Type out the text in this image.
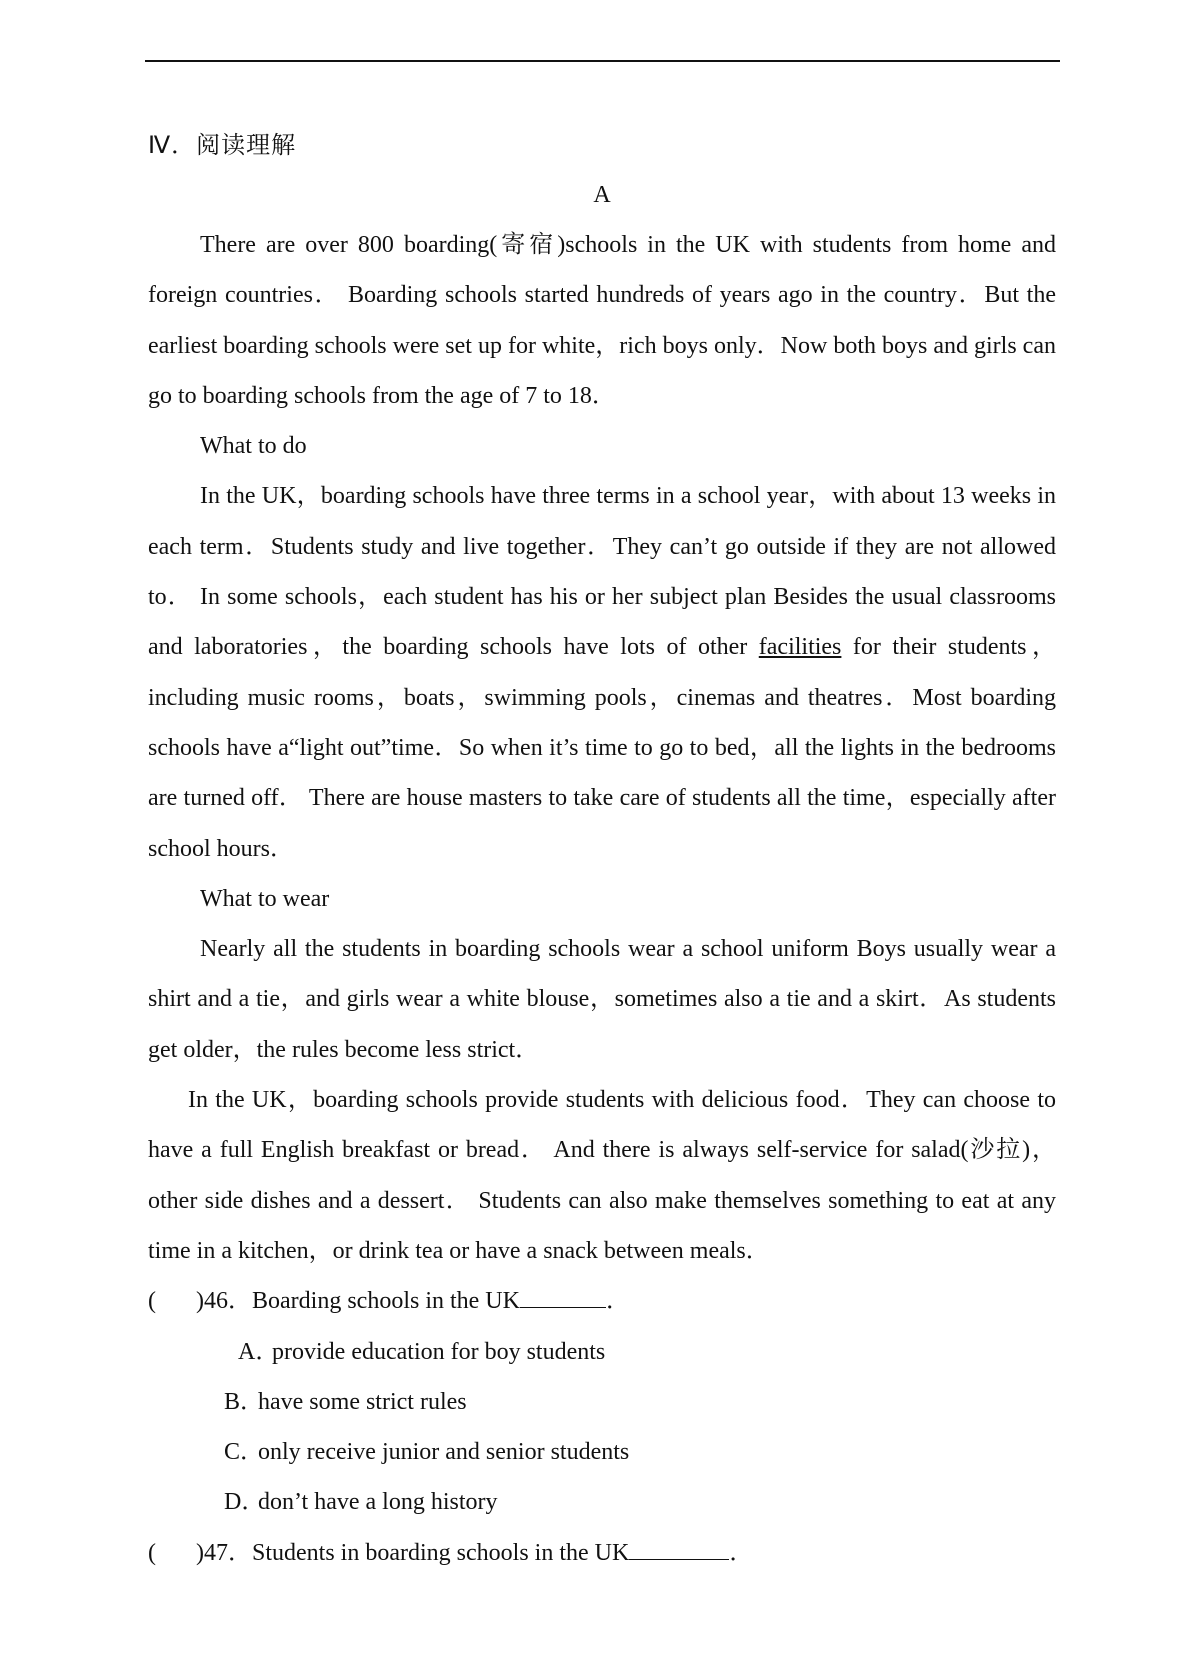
Ⅳ．阅读理解
A

There are over 800 boarding(寄宿)schools in the UK with students from home and foreign countries． Boarding schools started hundreds of years ago in the country．But the earliest boarding schools were set up for white，rich boys only．Now both boys and girls can go to boarding schools from the age of 7 to 18．

What to do

In the UK，boarding schools have three terms in a school year，with about 13 weeks in each term．Students study and live together．They can’t go outside if they are not allowed to． In some schools，each student has his or her subject plan Besides the usual classrooms and laboratories，the boarding schools have lots of other facilities for their students，including music rooms，boats，swimming pools，cinemas and theatres．Most boarding schools have a“light out”time．So when it’s time to go to bed，all the lights in the bedrooms are turned off． There are house masters to take care of students all the time，especially after school hours．

What to wear

Nearly all the students in boarding schools wear a school uniform Boys usually wear a shirt and a tie，and girls wear a white blouse，sometimes also a tie and a skirt．As students get older，the rules become less strict．

In the UK，boarding schools provide students with delicious food．They can choose to have a full English breakfast or bread． And there is always self-service for salad(沙拉)，other side dishes and a dessert． Students can also make themselves something to eat at any time in a kitchen，or drink tea or have a snack between meals．

( )46．Boarding schools in the UK	．
A．provide education for boy students
B．have some strict rules
C．only receive junior and senior students
D．don’t have a long history
( )47．Students in boarding schools in the UK	．
